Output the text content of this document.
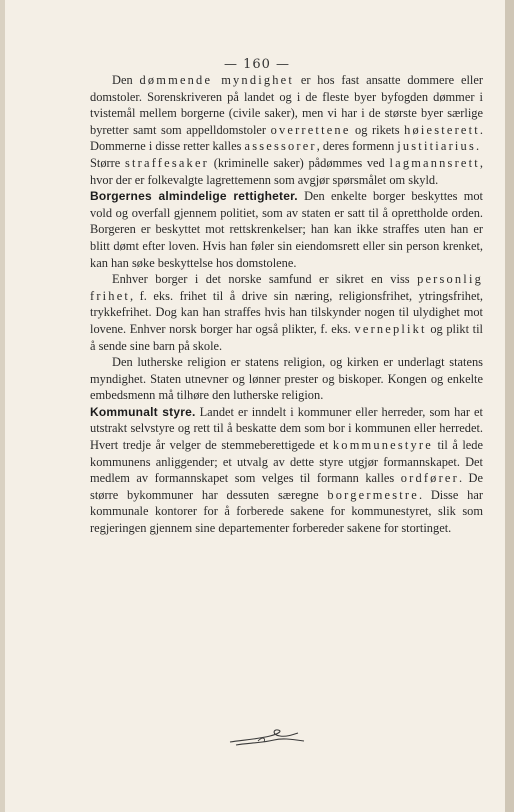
— 160 —

Den dømmende myndighet er hos fast ansatte dommere eller domstoler. Sorenskriveren på landet og i de fleste byer byfogden dømmer i tvistemål mellem borgerne (civile saker), men vi har i de største byer særlige byretter samt som appelldomstoler overrettene og rikets høiesterett. Dommerne i disse retter kalles assessorer, deres formenn justitiarius.

Større straffesaker (kriminelle saker) pådømmes ved lagmannsrett, hvor der er folkevalgte lagrettemenn som avgjør spørsmålet om skyld.

Borgernes almindelige rettigheter. Den enkelte borger beskyttes mot vold og overfall gjennem politiet, som av staten er satt til å oprettholde orden. Borgeren er beskyttet mot rettskrenkelser; han kan ikke straffes uten han er blitt dømt efter loven. Hvis han føler sin eiendomsrett eller sin person krenket, kan han søke beskyttelse hos domstolene.

Enhver borger i det norske samfund er sikret en viss personlig frihet, f. eks. frihet til å drive sin næring, religionsfrihet, ytringsfrihet, trykkefrihet. Dog kan han straffes hvis han tilskynder nogen til ulydighet mot lovene. Enhver norsk borger har også plikter, f. eks. verneplikt og plikt til å sende sine barn på skole.

Den lutherske religion er statens religion, og kirken er underlagt statens myndighet. Staten utnevner og lønner prester og biskoper. Kongen og enkelte embedsmenn må tilhøre den lutherske religion.

Kommunalt styre. Landet er inndelt i kommuner eller herreder, som har et utstrakt selvstyre og rett til å beskatte dem som bor i kommunen eller herredet. Hvert tredje år velger de stemmeberettigede et kommunestyre til å lede kommunens anliggender; et utvalg av dette styre utgjør formannskapet. Det medlem av formannskapet som velges til formann kalles ordfører. De større bykommuner har dessuten særegne borgermestre. Disse har kommunale kontorer for å forberede sakene for kommunestyret, slik som regjeringen gjennem sine departementer forbereder sakene for stortinget.
